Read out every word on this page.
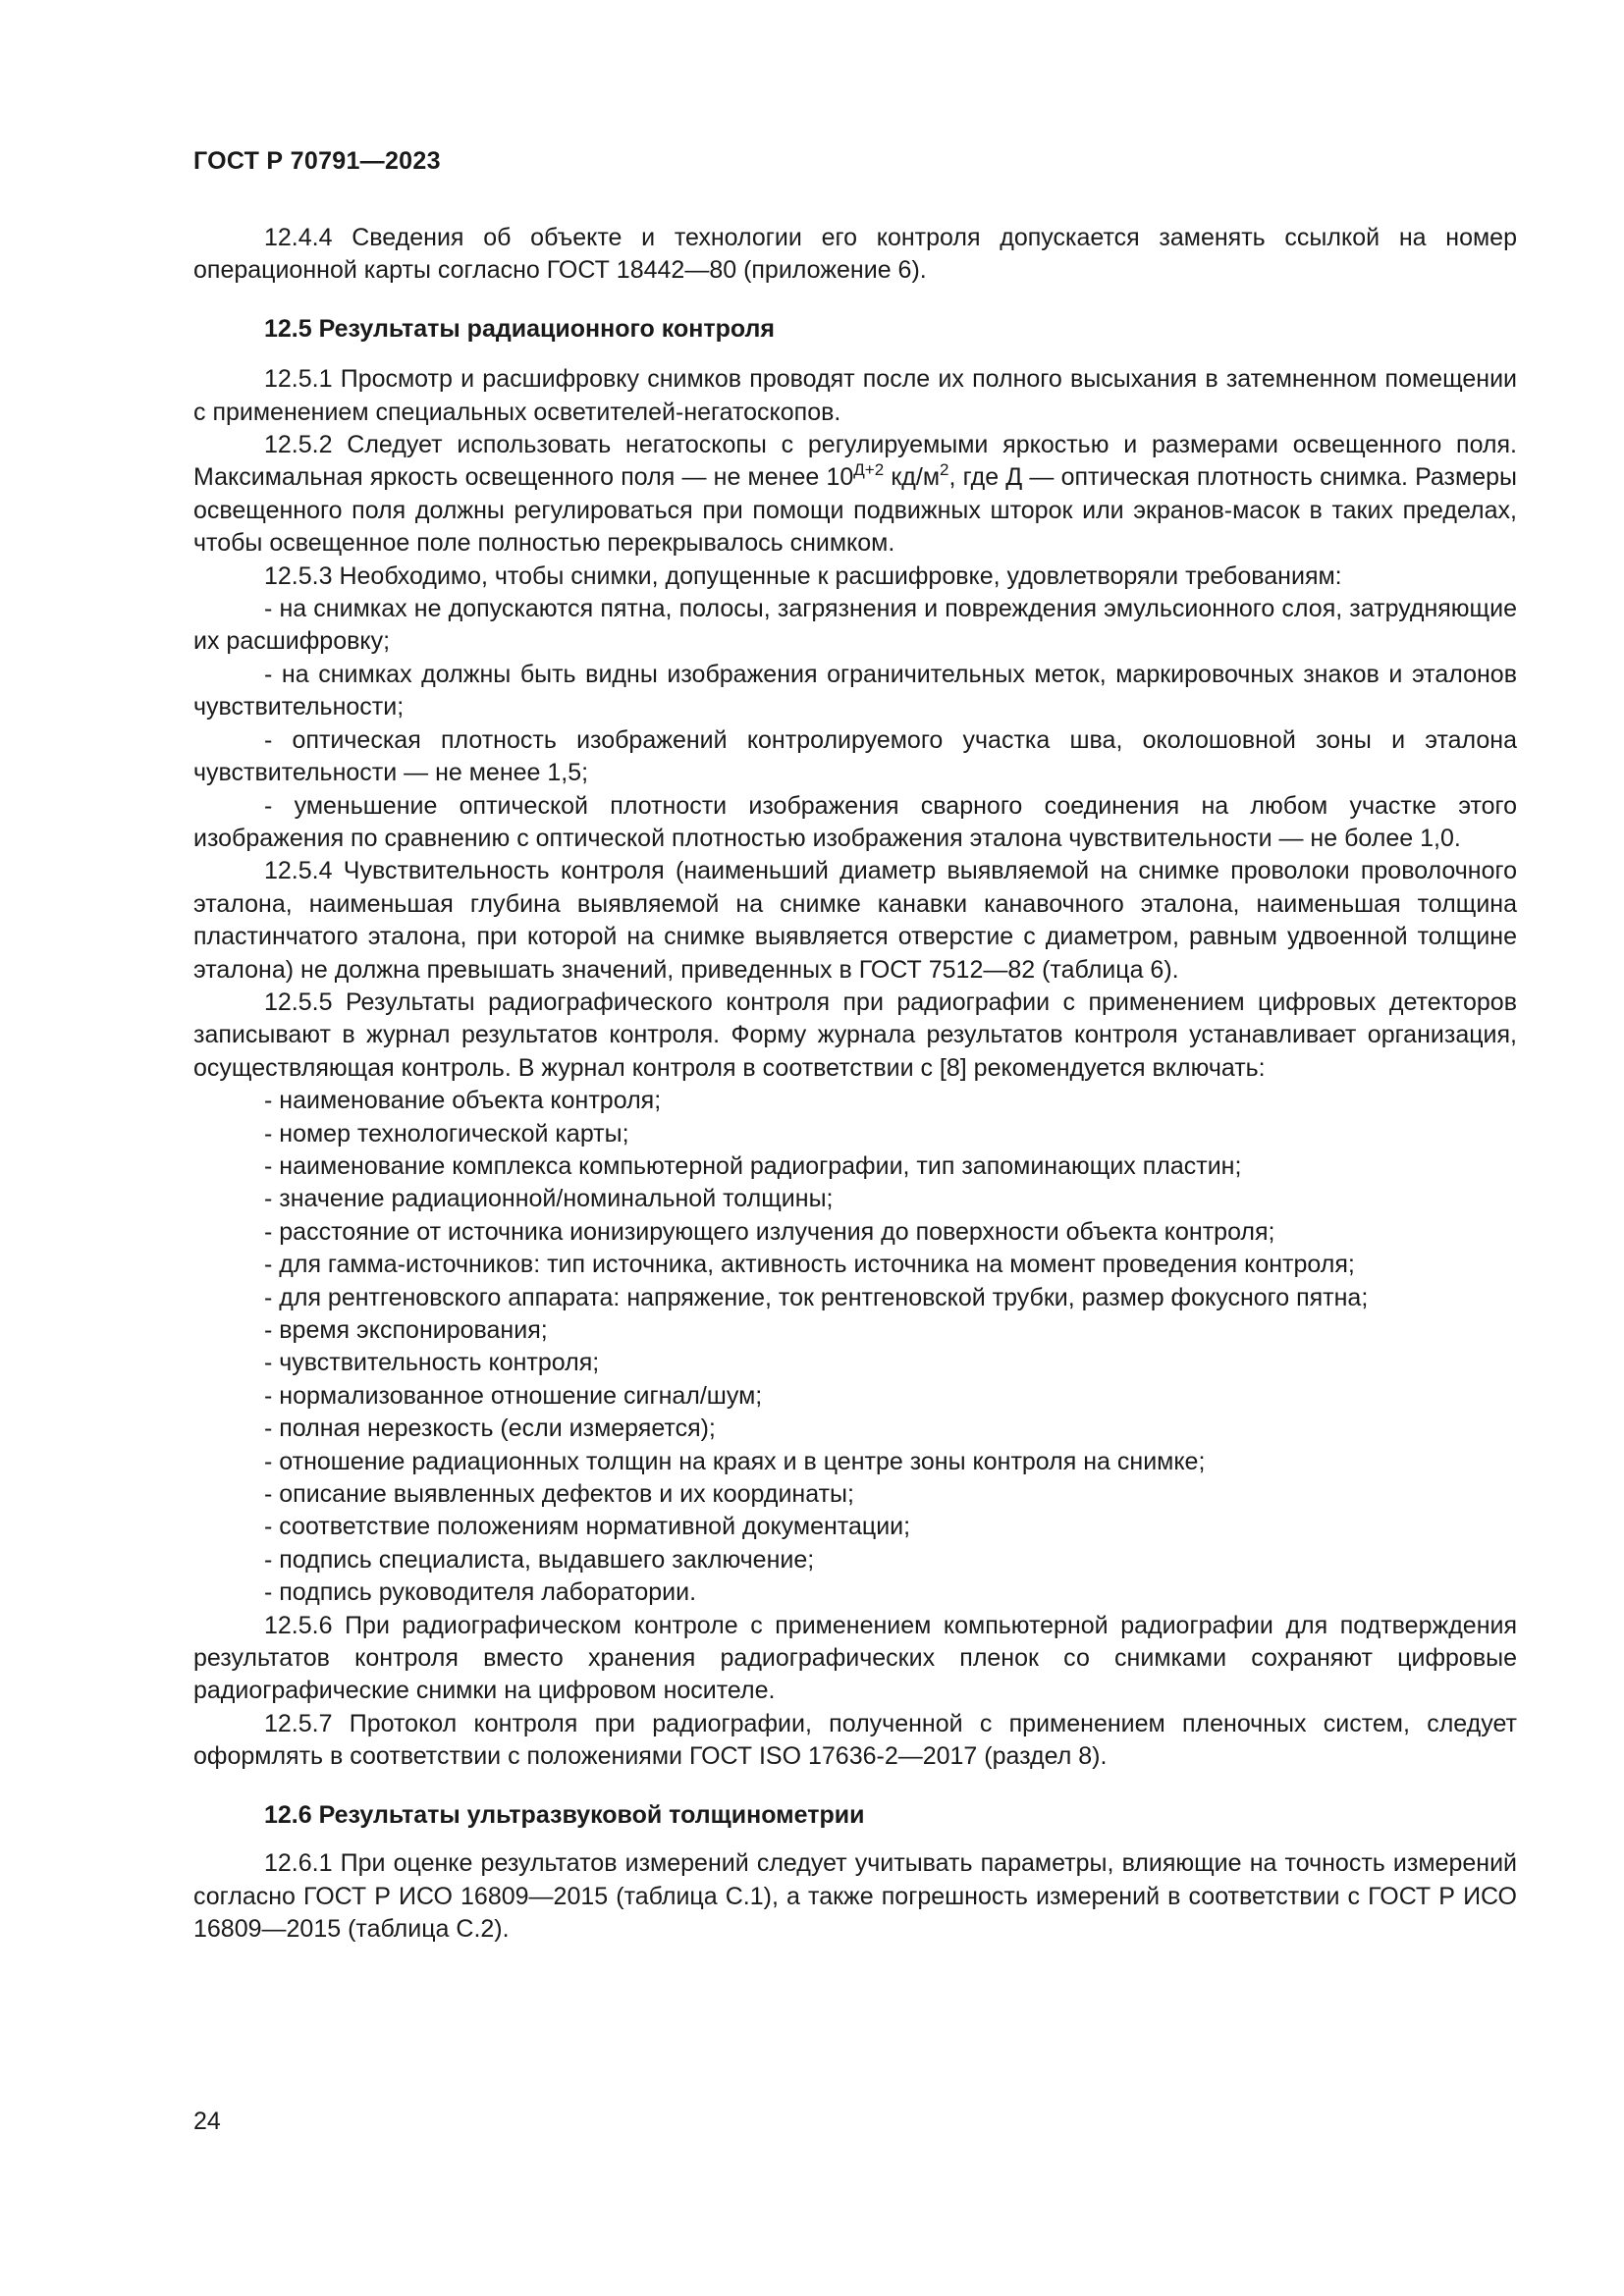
ГОСТ Р 70791—2023

12.4.4 Сведения об объекте и технологии его контроля допускается заменять ссылкой на номер операционной карты согласно ГОСТ 18442—80 (приложение 6).

12.5 Результаты радиационного контроля

12.5.1 Просмотр и расшифровку снимков проводят после их полного высыхания в затемненном помещении с применением специальных осветителей-негатоскопов.

12.5.2 Следует использовать негатоскопы с регулируемыми яркостью и размерами освещенного поля. Максимальная яркость освещенного поля — не менее $10^{Д+2}$ $кд/м^2$, где Д — оптическая плотность снимка. Размеры освещенного поля должны регулироваться при помощи подвижных шторок или экранов-масок в таких пределах, чтобы освещенное поле полностью перекрывалось снимком.

12.5.3 Необходимо, чтобы снимки, допущенные к расшифровке, удовлетворяли требованиям:

- на снимках не допускаются пятна, полосы, загрязнения и повреждения эмульсионного слоя, затрудняющие их расшифровку;

- на снимках должны быть видны изображения ограничительных меток, маркировочных знаков и эталонов чувствительности;

- оптическая плотность изображений контролируемого участка шва, околошовной зоны и эталона чувствительности — не менее 1,5;

- уменьшение оптической плотности изображения сварного соединения на любом участке этого изображения по сравнению с оптической плотностью изображения эталона чувствительности — не более 1,0.

12.5.4 Чувствительность контроля (наименьший диаметр выявляемой на снимке проволоки проволочного эталона, наименьшая глубина выявляемой на снимке канавки канавочного эталона, наименьшая толщина пластинчатого эталона, при которой на снимке выявляется отверстие с диаметром, равным удвоенной толщине эталона) не должна превышать значений, приведенных в ГОСТ 7512—82 (таблица 6).

12.5.5 Результаты радиографического контроля при радиографии с применением цифровых детекторов записывают в журнал результатов контроля. Форму журнала результатов контроля устанавливает организация, осуществляющая контроль. В журнал контроля в соответствии с [8] рекомендуется включать:

- наименование объекта контроля;

- номер технологической карты;

- наименование комплекса компьютерной радиографии, тип запоминающих пластин;

- значение радиационной/номинальной толщины;

- расстояние от источника ионизирующего излучения до поверхности объекта контроля;

- для гамма-источников: тип источника, активность источника на момент проведения контроля;

- для рентгеновского аппарата: напряжение, ток рентгеновской трубки, размер фокусного пятна;

- время экспонирования;

- чувствительность контроля;

- нормализованное отношение сигнал/шум;

- полная нерезкость (если измеряется);

- отношение радиационных толщин на краях и в центре зоны контроля на снимке;

- описание выявленных дефектов и их координаты;

- соответствие положениям нормативной документации;

- подпись специалиста, выдавшего заключение;

- подпись руководителя лаборатории.

12.5.6 При радиографическом контроле с применением компьютерной радиографии для подтверждения результатов контроля вместо хранения радиографических пленок со снимками сохраняют цифровые радиографические снимки на цифровом носителе.

12.5.7 Протокол контроля при радиографии, полученной с применением пленочных систем, следует оформлять в соответствии с положениями ГОСТ ISO 17636-2—2017 (раздел 8).

12.6 Результаты ультразвуковой толщинометрии

12.6.1 При оценке результатов измерений следует учитывать параметры, влияющие на точность измерений согласно ГОСТ Р ИСО 16809—2015 (таблица С.1), а также погрешность измерений в соответствии с ГОСТ Р ИСО 16809—2015 (таблица С.2).

24
